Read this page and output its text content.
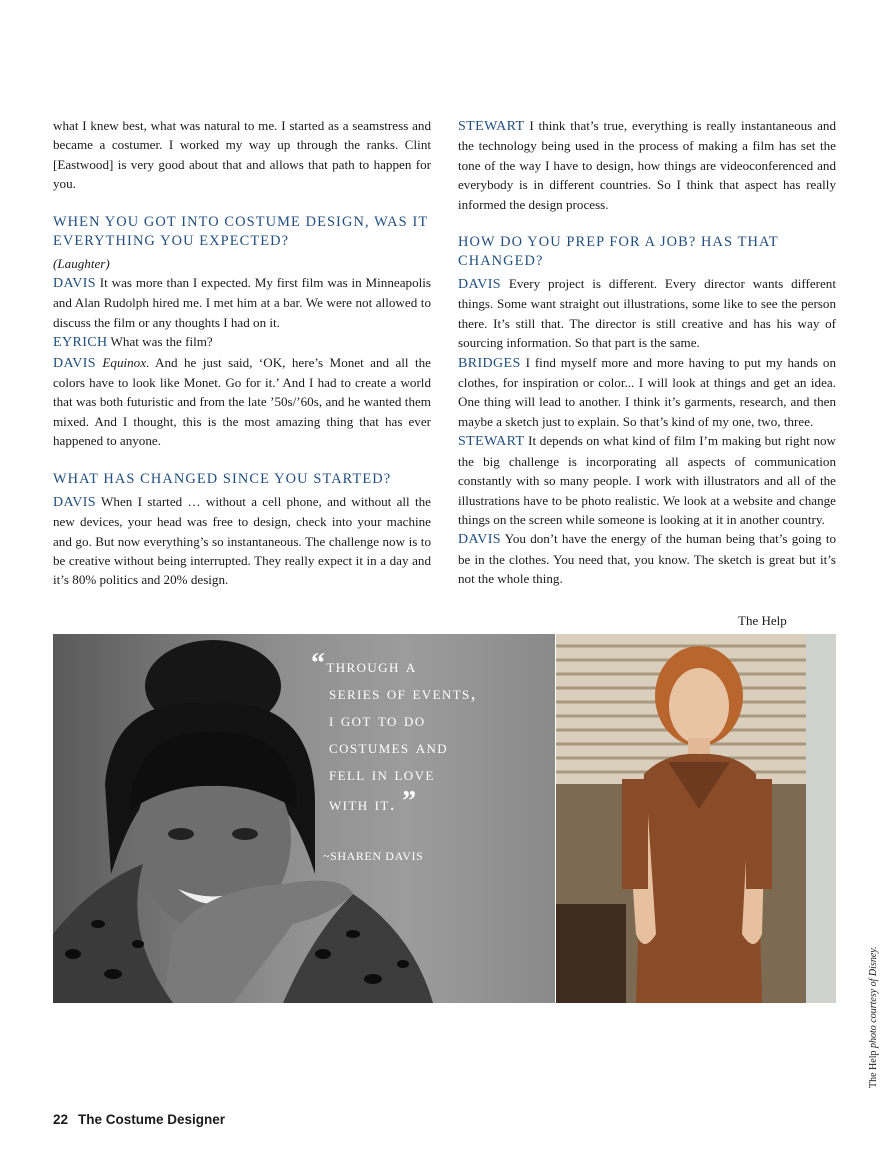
what I knew best, what was natural to me. I started as a seamstress and became a costumer. I worked my way up through the ranks. Clint [Eastwood] is very good about that and allows that path to happen for you.

WHEN YOU GOT INTO COSTUME DESIGN, WAS IT EVERYTHING YOU EXPECTED?

(Laughter)

DAVIS It was more than I expected. My first film was in Minneapolis and Alan Rudolph hired me. I met him at a bar. We were not allowed to discuss the film or any thoughts I had on it.

EYRICH What was the film?

DAVIS Equinox. And he just said, ‘OK, here’s Monet and all the colors have to look like Monet. Go for it.’ And I had to create a world that was both futuristic and from the late ’50s/’60s, and he wanted them mixed. And I thought, this is the most amazing thing that has ever happened to anyone.

WHAT HAS CHANGED SINCE YOU STARTED?

DAVIS When I started … without a cell phone, and without all the new devices, your head was free to design, check into your machine and go. But now everything’s so instantaneous. The challenge now is to be creative without being interrupted. They really expect it in a day and it’s 80% politics and 20% design.

STEWART I think that’s true, everything is really instantaneous and the technology being used in the process of making a film has set the tone of the way I have to design, how things are videoconferenced and everybody is in different countries. So I think that aspect has really informed the design process.

HOW DO YOU PREP FOR A JOB? HAS THAT CHANGED?

DAVIS Every project is different. Every director wants different things. Some want straight out illustrations, some like to see the person there. It’s still that. The director is still creative and has his way of sourcing information. So that part is the same.

BRIDGES I find myself more and more having to put my hands on clothes, for inspiration or color... I will look at things and get an idea. One thing will lead to another. I think it’s garments, research, and then maybe a sketch just to explain. So that’s kind of my one, two, three.

STEWART It depends on what kind of film I’m making but right now the big challenge is incorporating all aspects of communication constantly with so many people. I work with illustrators and all of the illustrations have to be photo realistic. We look at a website and change things on the screen while someone is looking at it in another country.

DAVIS You don’t have the energy of the human being that’s going to be in the clothes. You need that, you know. The sketch is great but it’s not the whole thing.

The Help
“through a
series of events,
i got to do
costumes and
fell in love
with it. ”
~SHAREN DAVIS
The Help photo courtesy of Disney.
22 The Costume Designer
